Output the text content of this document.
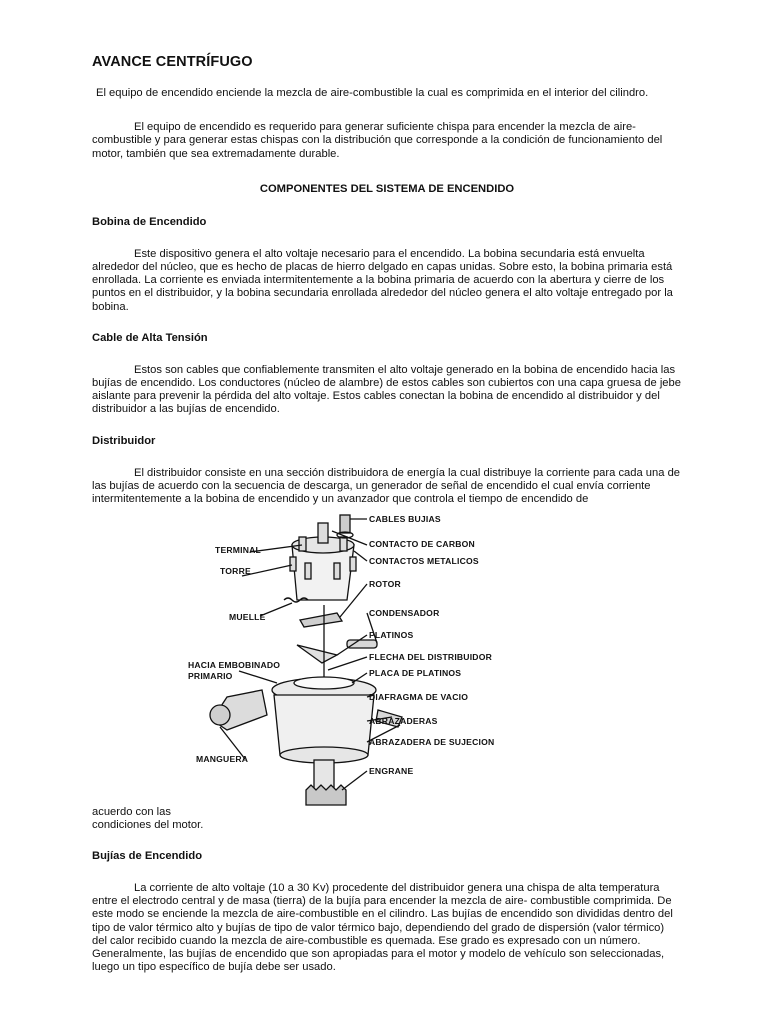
AVANCE CENTRÍFUGO

El equipo de encendido enciende la mezcla de aire-combustible la cual es comprimida en el interior del cilindro.

El equipo de encendido es requerido para generar suficiente chispa para encender la mezcla de aire-combustible y para generar estas chispas con la distribución que corresponde a la condición de funcionamiento del motor, también que sea extremadamente durable.

COMPONENTES DEL SISTEMA DE ENCENDIDO
Bobina de Encendido

Este dispositivo genera el alto voltaje necesario para el encendido. La bobina secundaria está envuelta alrededor del núcleo, que es hecho de placas de hierro delgado en capas unidas. Sobre esto, la bobina primaria está enrollada. La corriente es enviada intermitentemente a la bobina primaria de acuerdo con la abertura y cierre de los puntos en el distribuidor, y la bobina secundaria enrollada alrededor del núcleo genera el alto voltaje entregado por la bobina.

Cable de Alta Tensión

Estos son cables que confiablemente transmiten el alto voltaje generado en la bobina de encendido hacia las bujías de encendido. Los conductores (núcleo de alambre) de estos cables son cubiertos con una capa gruesa de jebe aislante para prevenir la pérdida del alto voltaje. Estos cables conectan la bobina de encendido al distribuidor y del distribuidor a las bujías de encendido.

Distribuidor

El distribuidor consiste en una sección distribuidora de energía la cual distribuye la corriente para cada una de las bujías de acuerdo con la secuencia de descarga, un generador de señal de encendido el cual envía corriente intermitentemente a la bobina de encendido y un avanzador que controla el tiempo de encendido de

TERMINAL
TORRE
MUELLE
HACIA EMBOBINADO
PRIMARIO
MANGUERA
CABLES BUJIAS
CONTACTO DE CARBON
CONTACTOS METALICOS
ROTOR
CONDENSADOR
PLATINOS
FLECHA DEL DISTRIBUIDOR
PLACA DE PLATINOS
DIAFRAGMA DE VACIO
ABRAZADERAS
ABRAZADERA DE SUJECION
ENGRANE
acuerdo con las
condiciones del motor.
Bujías de Encendido

La corriente de alto voltaje (10 a 30 Kv) procedente del distribuidor genera una chispa de alta temperatura entre el electrodo central y de masa (tierra) de la bujía para encender la mezcla de aire- combustible comprimida. De este modo se enciende la mezcla de aire-combustible en el cilindro. Las bujías de encendido son divididas dentro del tipo de valor térmico alto y bujías de tipo de valor térmico bajo, dependiendo del grado de dispersión (valor térmico) del calor recibido cuando la mezcla de aire-combustible es quemada. Ese grado es expresado con un número. Generalmente, las bujías de encendido que son apropiadas para el motor y modelo de vehículo son seleccionadas, luego un tipo específico de bujía debe ser usado.
